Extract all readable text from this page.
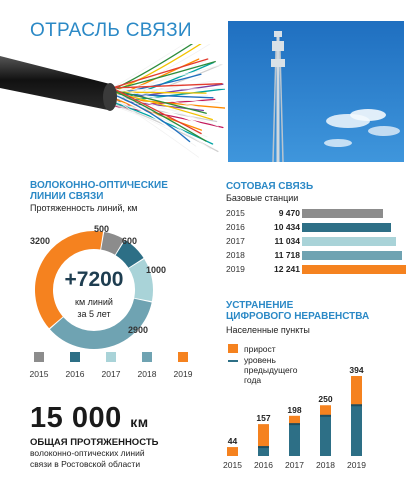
ОТРАСЛЬ СВЯЗИ
ВОЛОКОННО-ОПТИЧЕСКИЕ
ЛИНИИ СВЯЗИ
Протяженность линий, км
+7200
км линий
за 5 лет
500
600
1000
2900
3200
2015	2016	2017	2018	2019
15 000 км
ОБЩАЯ ПРОТЯЖЕННОСТЬ
волоконно-оптических линий
связи в Ростовской области
СОТОВАЯ СВЯЗЬ
Базовые станции
2015	9 470
2016	10 434
2017	11 034
2018	11 718
2019	12 241
УСТРАНЕНИЕ
ЦИФРОВОГО НЕРАВЕНСТВА
Населенные пункты
прирост
уровень
предыдущего
года
44
2015
157
2016
198
2017
250
2018
394
2019
